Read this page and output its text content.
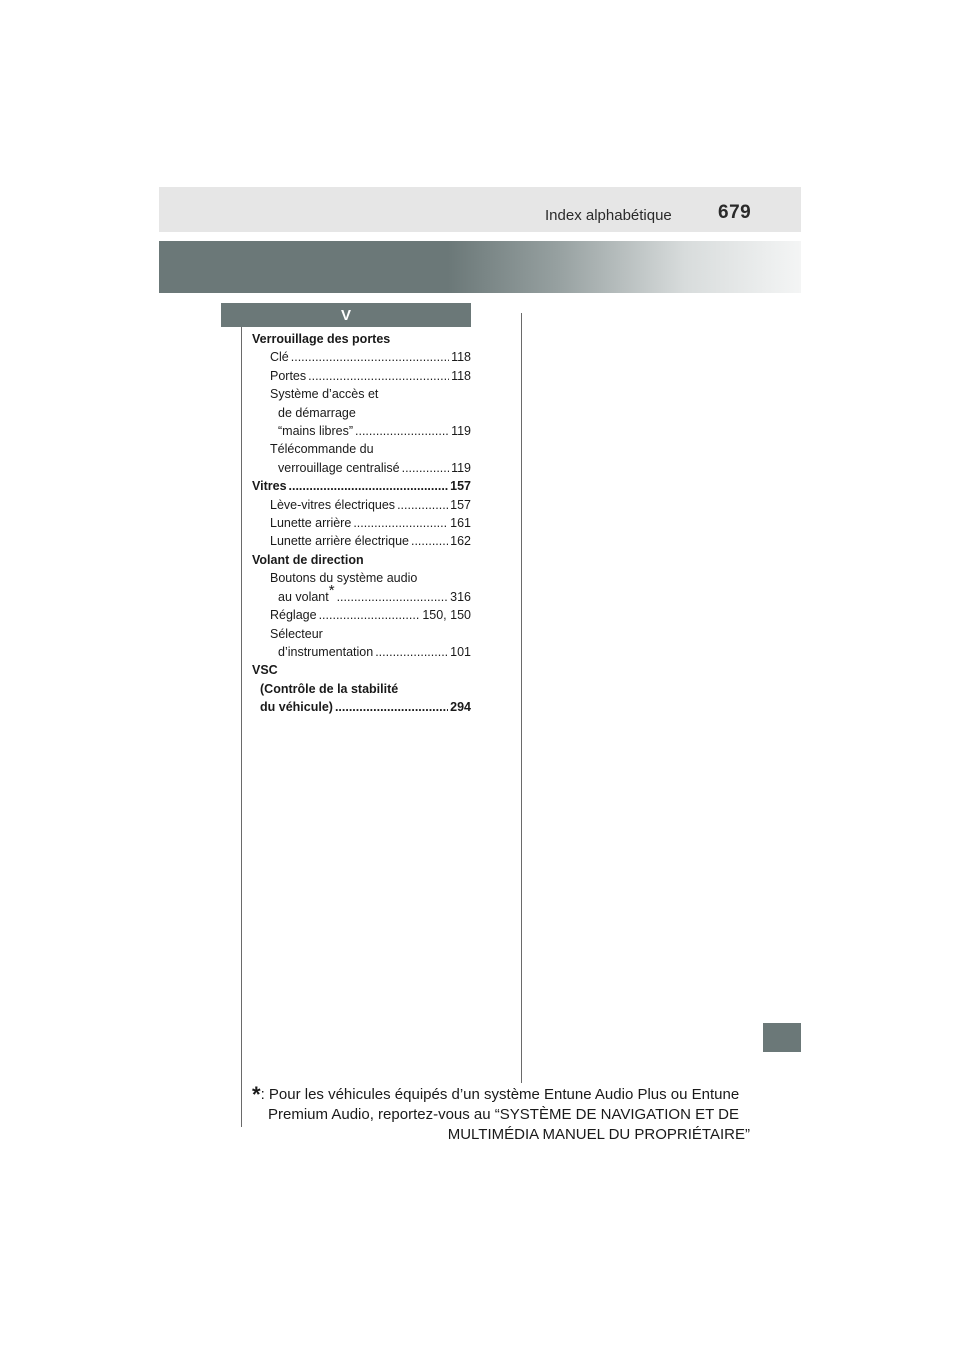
Index alphabétique 679
V
Verrouillage des portes
Clé .....	118
Portes .....	118
Système d’accès et
de démarrage
“mains libres” .....	119
Télécommande du
verrouillage centralisé .....	119
Vitres .....	157
Lève-vitres électriques .....	157
Lunette arrière .....	161
Lunette arrière électrique .....	162
Volant de direction
Boutons du système audio
au volant* .....	316
Réglage .....	150, 150
Sélecteur
d’instrumentation .....	101
VSC
(Contrôle de la stabilité
du véhicule) .....	294
*: Pour les véhicules équipés d’un système Entune Audio Plus ou Entune
Premium Audio, reportez-vous au “SYSTÈME DE NAVIGATION ET DE
MULTIMÉDIA MANUEL DU PROPRIÉTAIRE”
